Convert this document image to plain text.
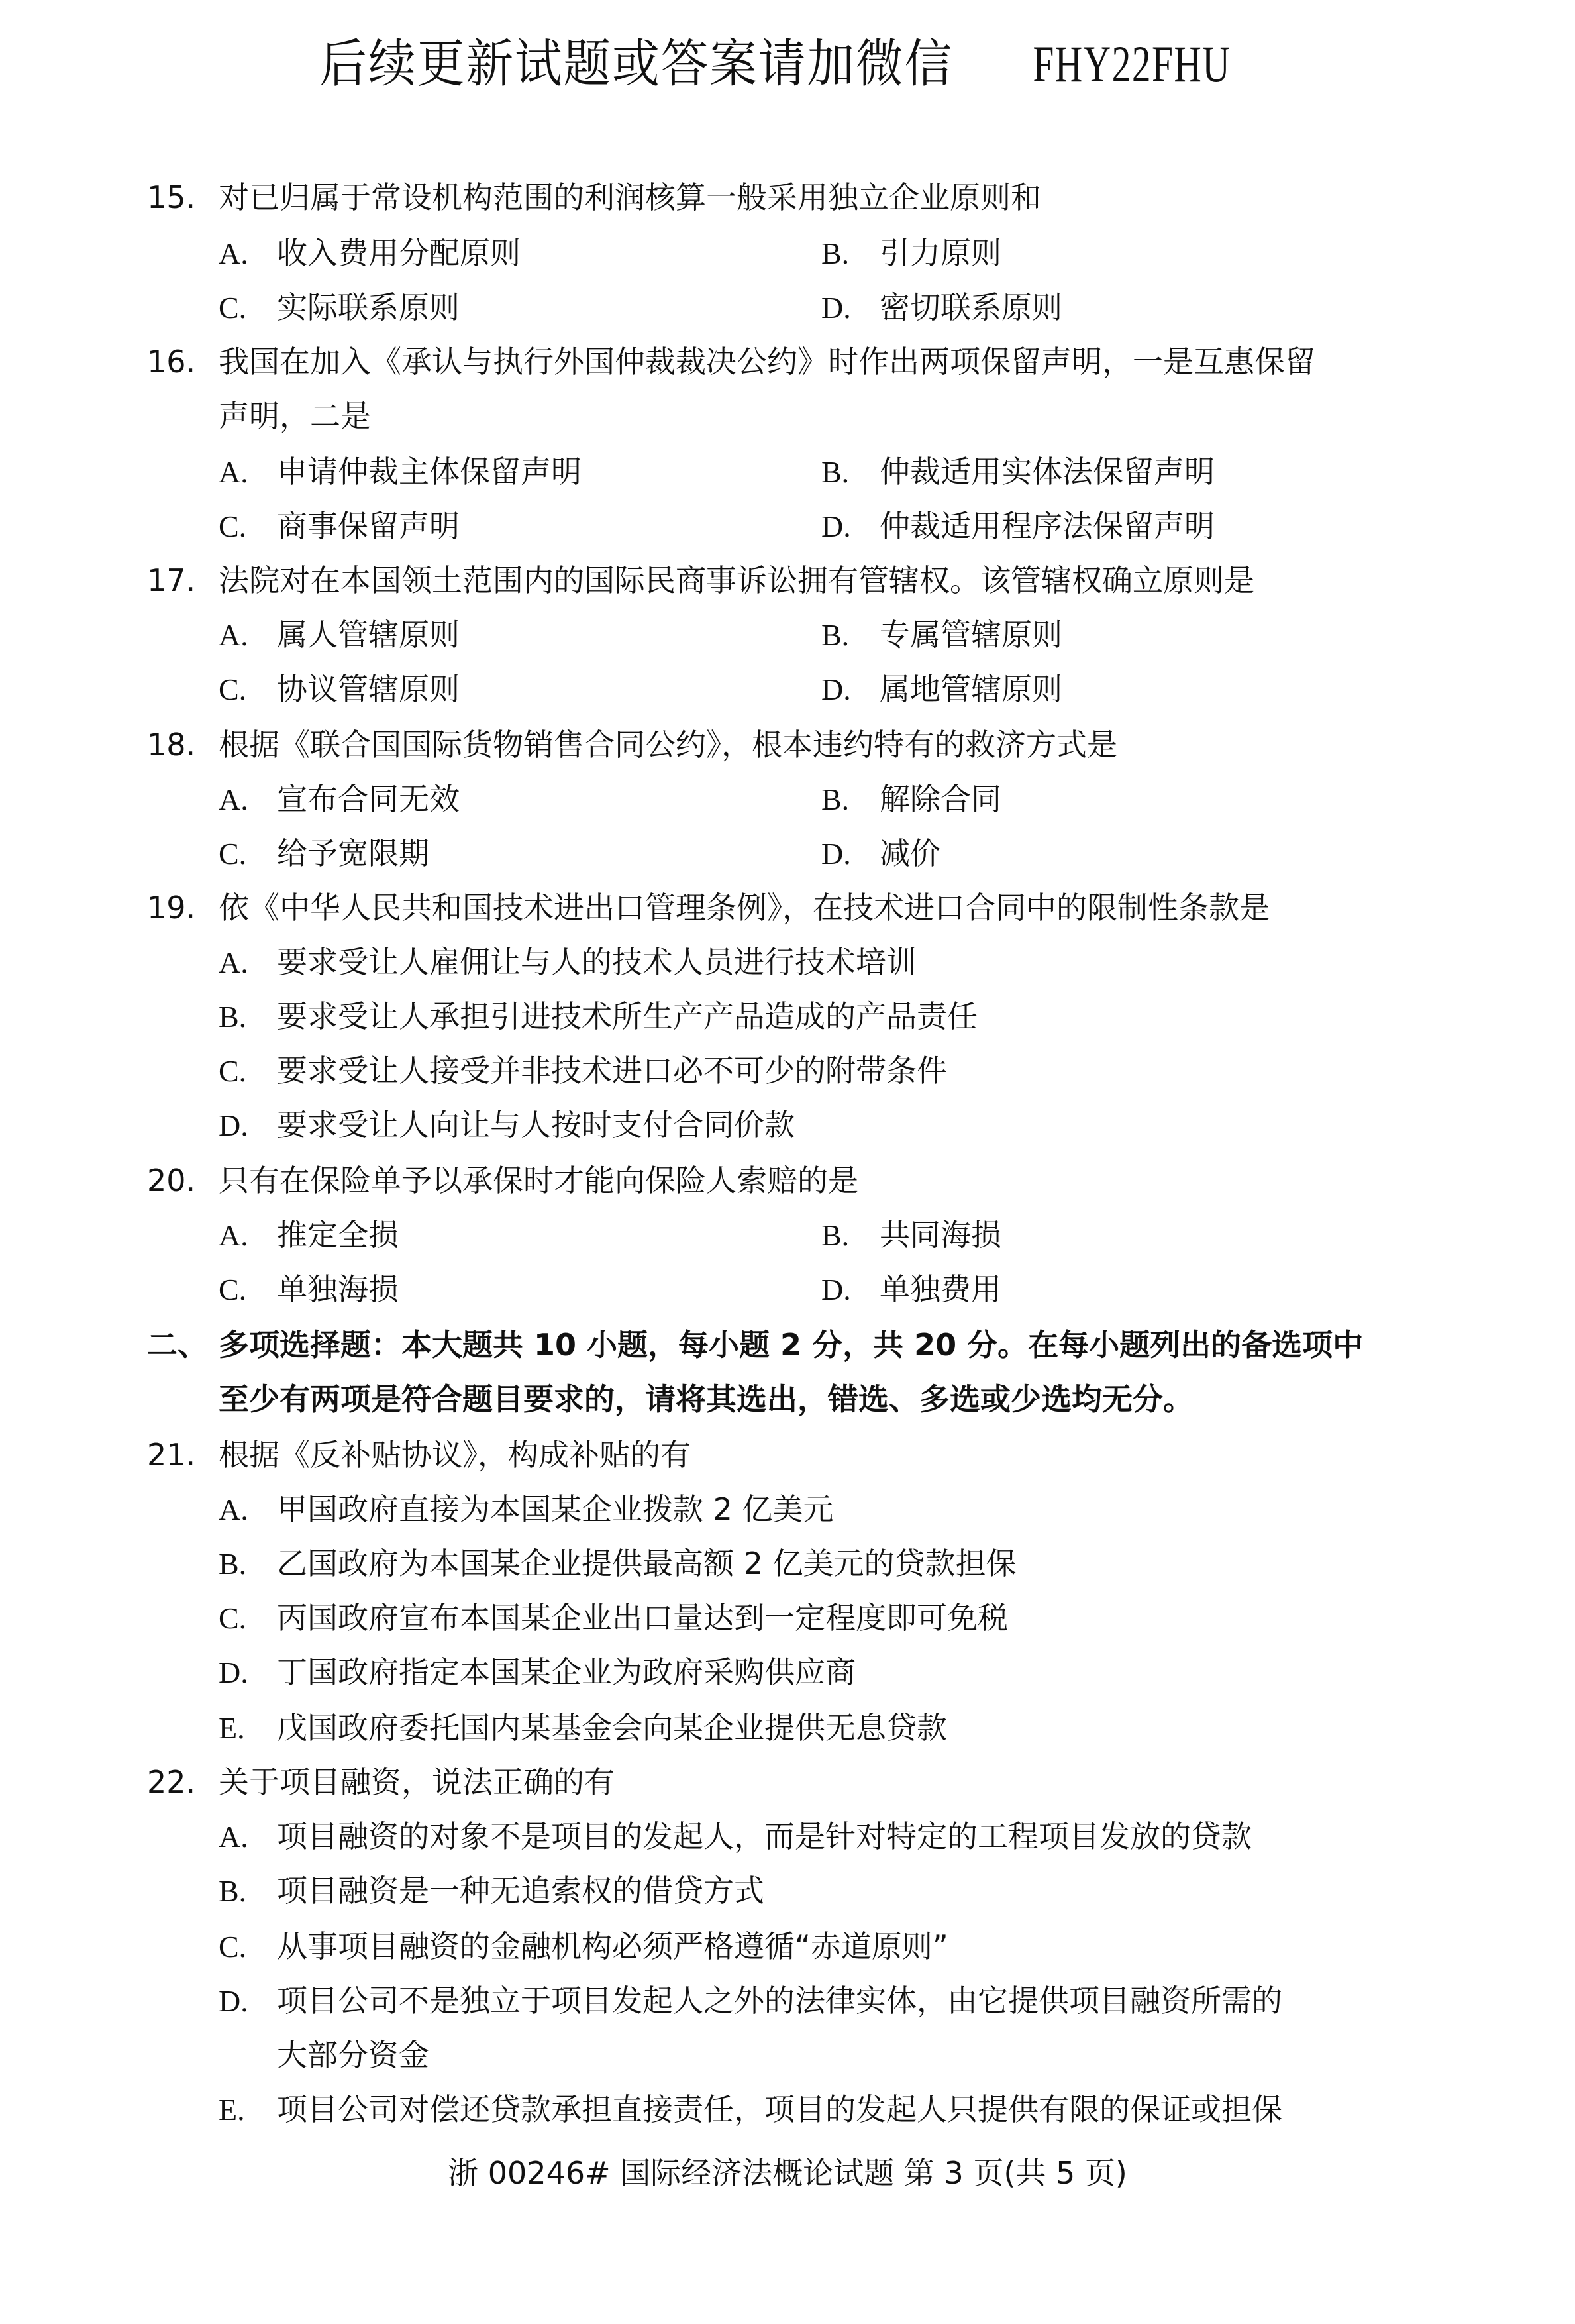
后续更新试题或答案请加微信 FHY22FHU
15. 对已归属于常设机构范围的利润核算一般采用独立企业原则和
A. 收入费用分配原则	B. 引力原则
C. 实际联系原则	D. 密切联系原则
16. 我国在加入《承认与执行外国仲裁裁决公约》时作出两项保留声明，一是互惠保留
声明，二是
A. 申请仲裁主体保留声明	B. 仲裁适用实体法保留声明
C. 商事保留声明	D. 仲裁适用程序法保留声明
17. 法院对在本国领土范围内的国际民商事诉讼拥有管辖权。该管辖权确立原则是
A. 属人管辖原则	B. 专属管辖原则
C. 协议管辖原则	D. 属地管辖原则
18. 根据《联合国国际货物销售合同公约》，根本违约特有的救济方式是
A. 宣布合同无效	B. 解除合同
C. 给予宽限期	D. 减价
19. 依《中华人民共和国技术进出口管理条例》，在技术进口合同中的限制性条款是
A. 要求受让人雇佣让与人的技术人员进行技术培训
B. 要求受让人承担引进技术所生产产品造成的产品责任
C. 要求受让人接受并非技术进口必不可少的附带条件
D. 要求受让人向让与人按时支付合同价款
20. 只有在保险单予以承保时才能向保险人索赔的是
A. 推定全损	B. 共同海损
C. 单独海损	D. 单独费用
二、 多项选择题：本大题共 10 小题，每小题 2 分，共 20 分。在每小题列出的备选项中
至少有两项是符合题目要求的，请将其选出，错选、多选或少选均无分。
21. 根据《反补贴协议》，构成补贴的有
A. 甲国政府直接为本国某企业拨款 2 亿美元
B. 乙国政府为本国某企业提供最高额 2 亿美元的贷款担保
C. 丙国政府宣布本国某企业出口量达到一定程度即可免税
D. 丁国政府指定本国某企业为政府采购供应商
E. 戊国政府委托国内某基金会向某企业提供无息贷款
22. 关于项目融资，说法正确的有
A. 项目融资的对象不是项目的发起人，而是针对特定的工程项目发放的贷款
B. 项目融资是一种无追索权的借贷方式
C. 从事项目融资的金融机构必须严格遵循“赤道原则”
D. 项目公司不是独立于项目发起人之外的法律实体，由它提供项目融资所需的
大部分资金
E. 项目公司对偿还贷款承担直接责任，项目的发起人只提供有限的保证或担保
浙 00246# 国际经济法概论试题 第 3 页(共 5 页)
